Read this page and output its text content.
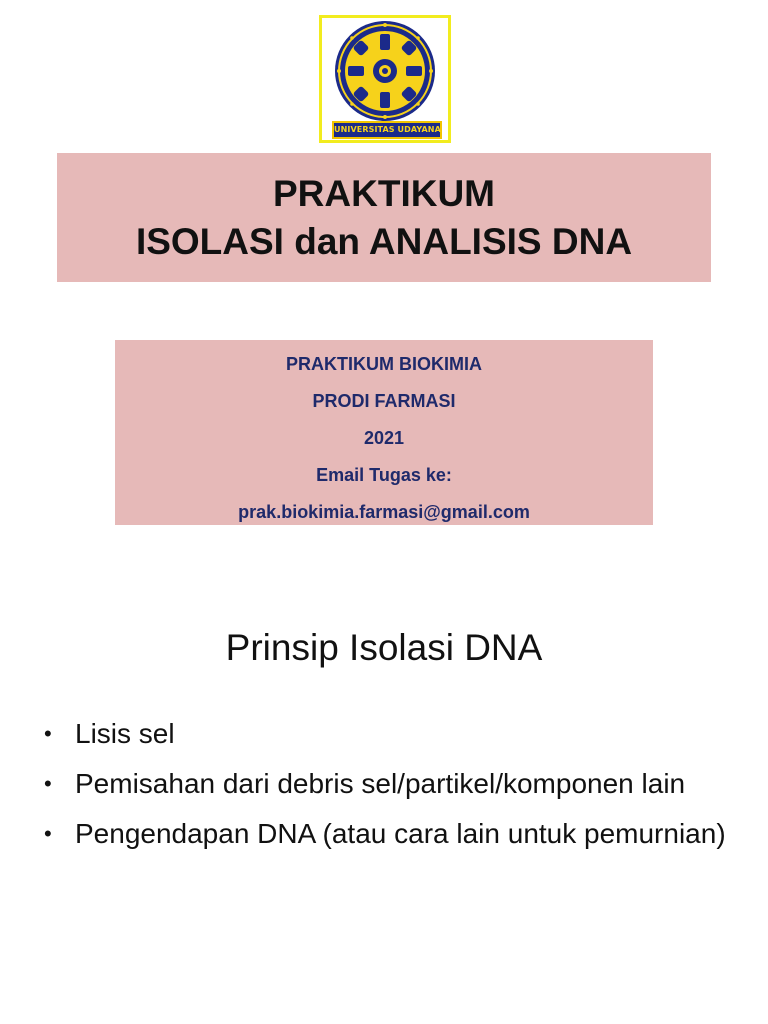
UNIVERSITAS UDAYANA
PRAKTIKUM
ISOLASI dan ANALISIS DNA
PRAKTIKUM BIOKIMIA
PRODI FARMASI
2021
Email Tugas ke:
prak.biokimia.farmasi@gmail.com
Prinsip Isolasi DNA
• Lisis sel
• Pemisahan dari debris sel/partikel/komponen lain
• Pengendapan DNA (atau cara lain untuk pemurnian)
